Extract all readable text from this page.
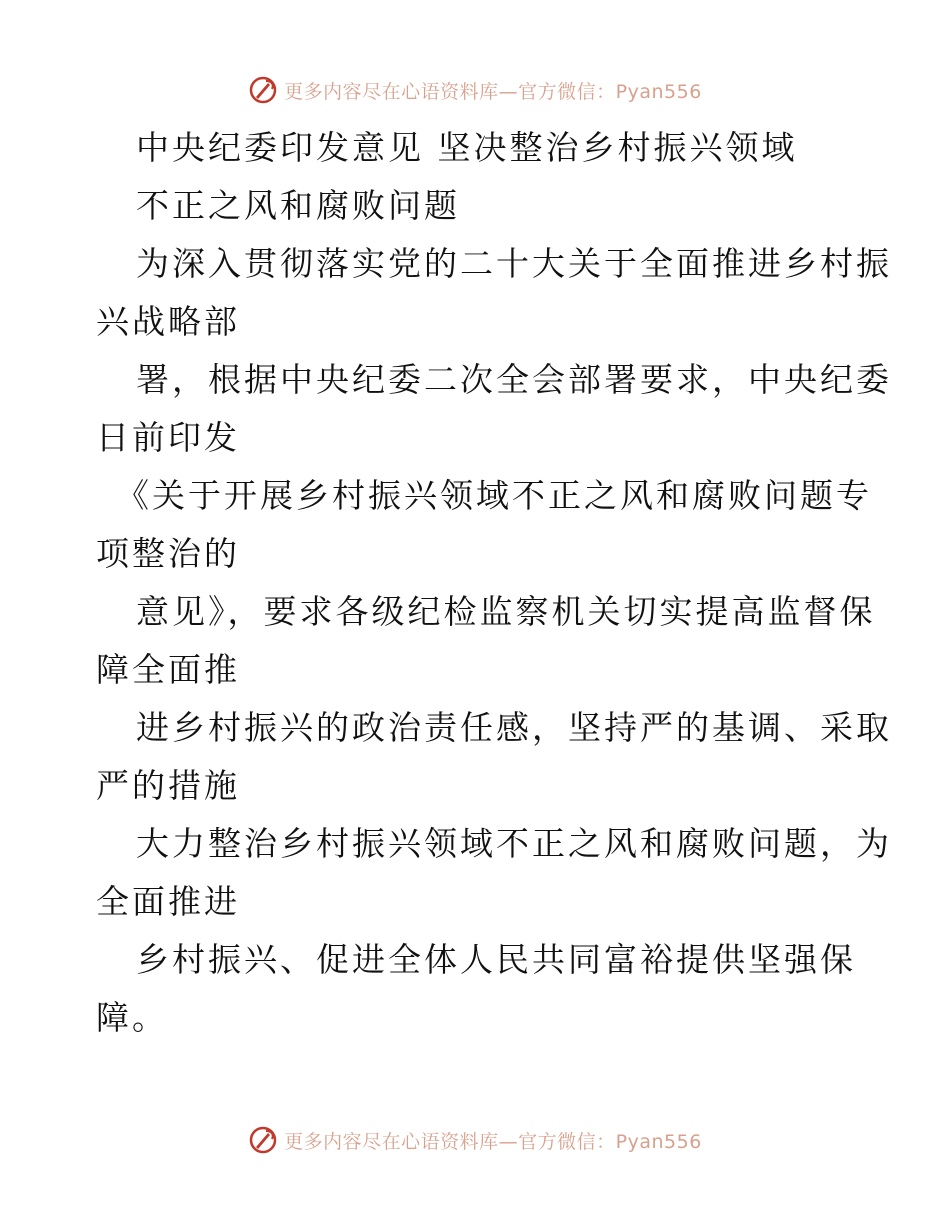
更多内容尽在心语资料库—官方微信：Pyan556
中央纪委印发意见 坚决整治乡村振兴领域
不正之风和腐败问题
为深入贯彻落实党的二十大关于全面推进乡村振
兴战略部
署，根据中央纪委二次全会部署要求，中央纪委
日前印发
《关于开展乡村振兴领域不正之风和腐败问题专
项整治的
意见》，要求各级纪检监察机关切实提高监督保
障全面推
进乡村振兴的政治责任感，坚持严的基调、采取
严的措施
大力整治乡村振兴领域不正之风和腐败问题，为
全面推进
乡村振兴、促进全体人民共同富裕提供坚强保
障。
更多内容尽在心语资料库—官方微信：Pyan556
